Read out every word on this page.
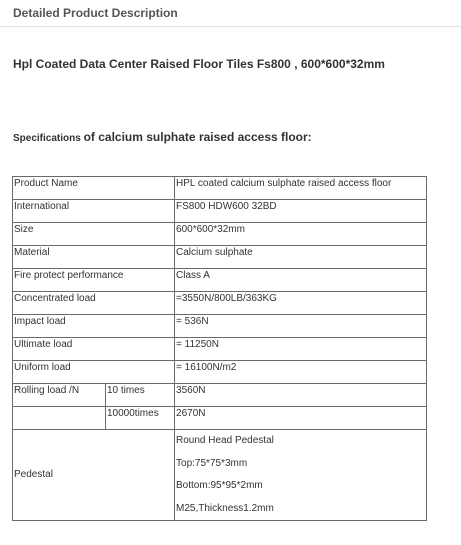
Detailed Product Description
Hpl Coated Data Center Raised Floor Tiles Fs800 , 600*600*32mm
Specifications of calcium sulphate raised access floor:
Product Name		HPL coated calcium sulphate raised access floor
International		FS800 HDW600 32BD
Size		600*600*32mm
Material		Calcium sulphate
Fire protect performance		Class A
Concentrated load		=3550N/800LB/363KG
Impact load		= 536N
Ultimate load		= 11250N
Uniform load		= 16100N/m2
Rolling load /N	10 times	3560N
	10000times	2670N
Pedestal		Round Head Pedestal
Top:75*75*3mm
Bottom:95*95*2mm
M25,Thickness1.2mm
